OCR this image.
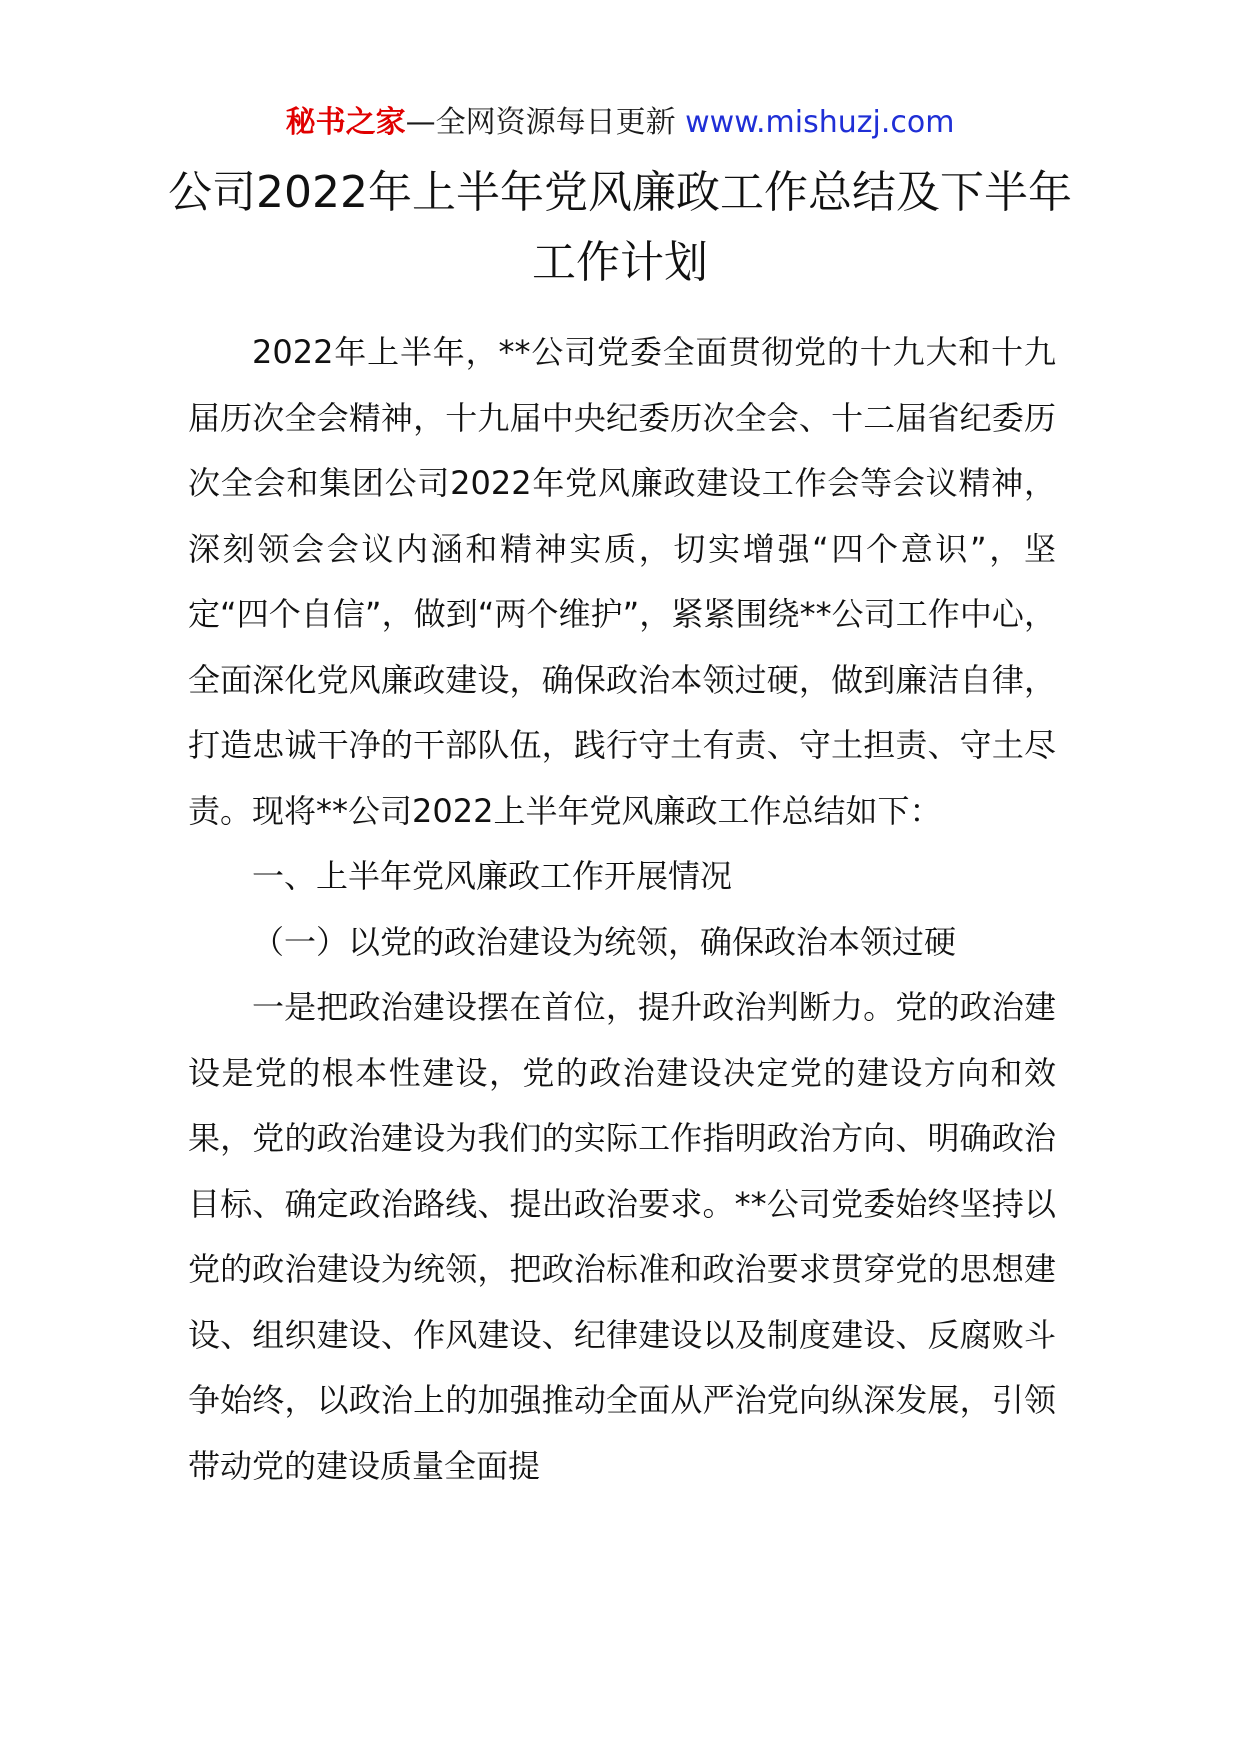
秘书之家—全网资源每日更新 www.mishuzj.com
公司2022年上半年党风廉政工作总结及下半年工作计划

2022年上半年，**公司党委全面贯彻党的十九大和十九届历次全会精神，十九届中央纪委历次全会、十二届省纪委历次全会和集团公司2022年党风廉政建设工作会等会议精神，深刻领会会议内涵和精神实质，切实增强“四个意识”，坚定“四个自信”，做到“两个维护”，紧紧围绕**公司工作中心，全面深化党风廉政建设，确保政治本领过硬，做到廉洁自律，打造忠诚干净的干部队伍，践行守土有责、守土担责、守土尽责。现将**公司2022上半年党风廉政工作总结如下：

一、上半年党风廉政工作开展情况

（一）以党的政治建设为统领，确保政治本领过硬

一是把政治建设摆在首位，提升政治判断力。党的政治建设是党的根本性建设，党的政治建设决定党的建设方向和效果，党的政治建设为我们的实际工作指明政治方向、明确政治目标、确定政治路线、提出政治要求。**公司党委始终坚持以党的政治建设为统领，把政治标准和政治要求贯穿党的思想建设、组织建设、作风建设、纪律建设以及制度建设、反腐败斗争始终，以政治上的加强推动全面从严治党向纵深发展，引领带动党的建设质量全面提
